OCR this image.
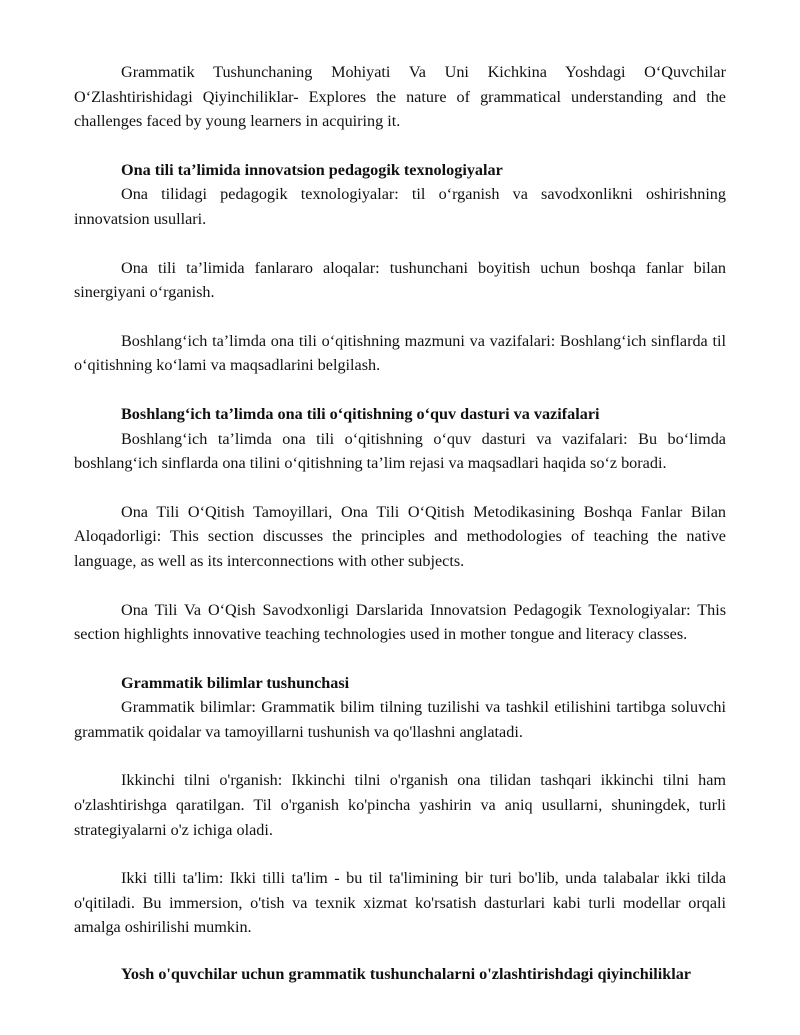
Grammatik Tushunchaning Mohiyati Va Uni Kichkina Yoshdagi O‘Quvchilar O‘Zlashtirishidagi Qiyinchiliklar- Explores the nature of grammatical understanding and the challenges faced by young learners in acquiring it.

Ona tili ta’limida innovatsion pedagogik texnologiyalar

Ona tilidagi pedagogik texnologiyalar: til o‘rganish va savodxonlikni oshirishning innovatsion usullari.

Ona tili ta’limida fanlararo aloqalar: tushunchani boyitish uchun boshqa fanlar bilan sinergiyani o‘rganish.

Boshlang‘ich ta’limda ona tili o‘qitishning mazmuni va vazifalari: Boshlang‘ich sinflarda til o‘qitishning ko‘lami va maqsadlarini belgilash.

Boshlang‘ich ta’limda ona tili o‘qitishning o‘quv dasturi va vazifalari

Boshlang‘ich ta’limda ona tili o‘qitishning o‘quv dasturi va vazifalari: Bu bo‘limda boshlang‘ich sinflarda ona tilini o‘qitishning ta’lim rejasi va maqsadlari haqida so‘z boradi.

Ona Tili O‘Qitish Tamoyillari, Ona Tili O‘Qitish Metodikasining Boshqa Fanlar Bilan Aloqadorligi: This section discusses the principles and methodologies of teaching the native language, as well as its interconnections with other subjects.

Ona Tili Va O‘Qish Savodxonligi Darslarida Innovatsion Pedagogik Texnologiyalar: This section highlights innovative teaching technologies used in mother tongue and literacy classes.

Grammatik bilimlar tushunchasi

Grammatik bilimlar: Grammatik bilim tilning tuzilishi va tashkil etilishini tartibga soluvchi grammatik qoidalar va tamoyillarni tushunish va qo'llashni anglatadi.

Ikkinchi tilni o'rganish: Ikkinchi tilni o'rganish ona tilidan tashqari ikkinchi tilni ham o'zlashtirishga qaratilgan. Til o'rganish ko'pincha yashirin va aniq usullarni, shuningdek, turli strategiyalarni o'z ichiga oladi.

Ikki tilli ta'lim: Ikki tilli ta'lim - bu til ta'limining bir turi bo'lib, unda talabalar ikki tilda o'qitiladi. Bu immersion, o'tish va texnik xizmat ko'rsatish dasturlari kabi turli modellar orqali amalga oshirilishi mumkin.

Yosh o'quvchilar uchun grammatik tushunchalarni o'zlashtirishdagi qiyinchiliklar
